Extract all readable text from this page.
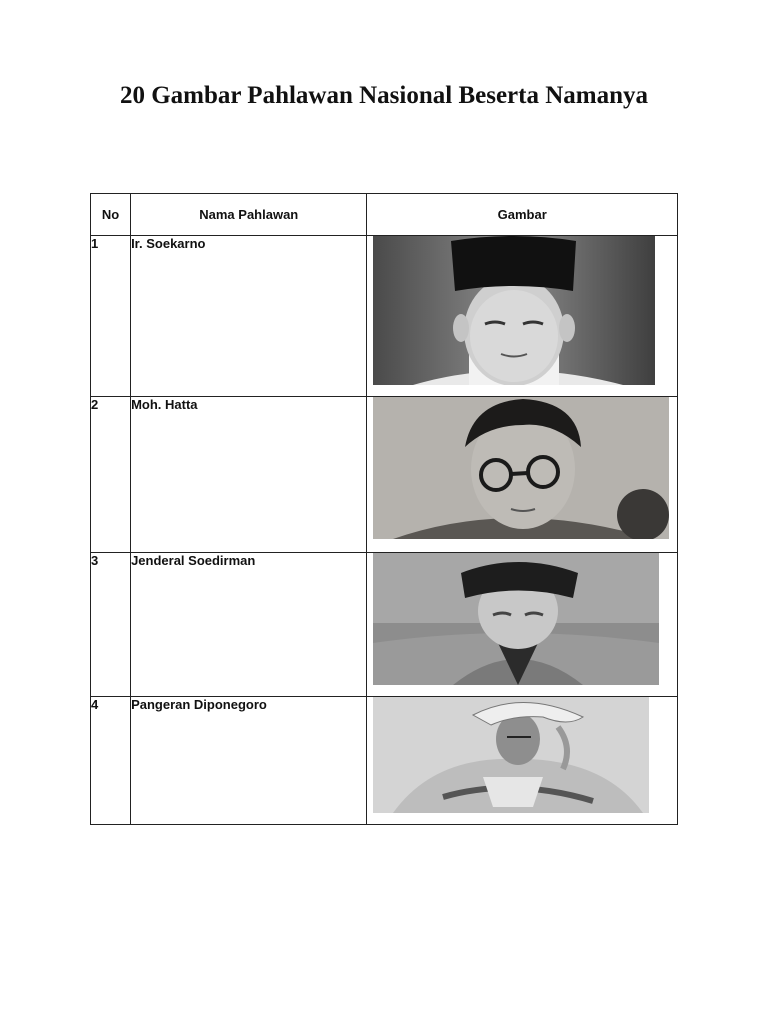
20 Gambar Pahlawan Nasional Beserta Namanya
No	Nama Pahlawan	Gambar
1	Ir. Soekarno	

2	Moh. Hatta	

3	Jenderal Soedirman	

4	Pangeran Diponegoro	
